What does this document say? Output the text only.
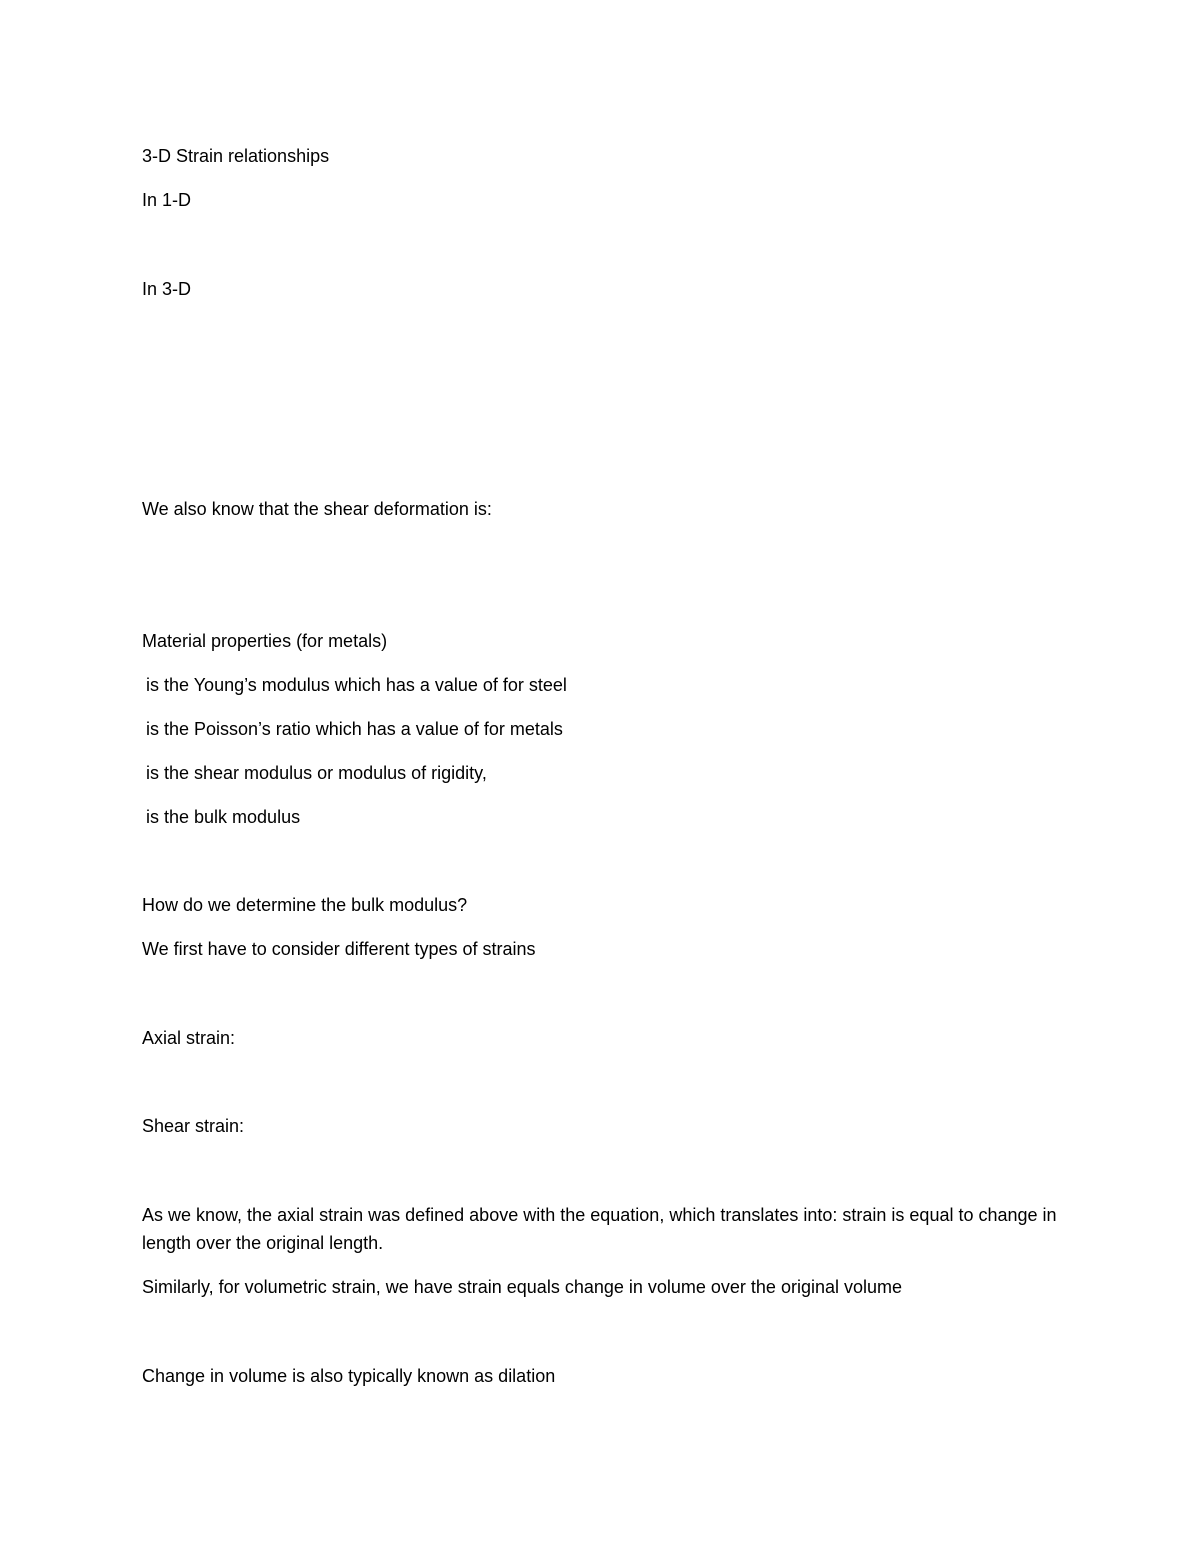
3-D Strain relationships
In 1-D
In 3-D
We also know that the shear deformation is:
Material properties (for metals)
is the Young’s modulus which has a value of for steel
is the Poisson’s ratio which has a value of for metals
is the shear modulus or modulus of rigidity,
is the bulk modulus
How do we determine the bulk modulus?
We first have to consider different types of strains
Axial strain:
Shear strain:
As we know, the axial strain was defined above with the equation, which translates into: strain is equal to change in length over the original length.
Similarly, for volumetric strain, we have strain equals change in volume over the original volume
Change in volume is also typically known as dilation
